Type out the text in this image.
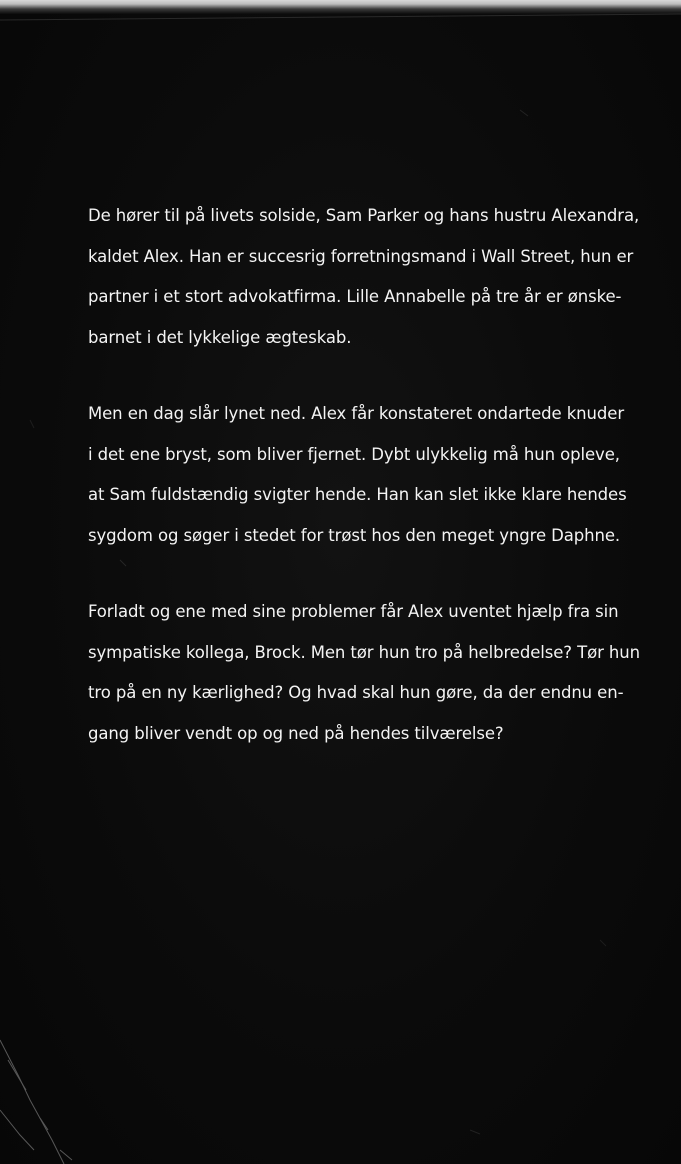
De hører til på livets solside, Sam Parker og hans hustru Alexandra,
kaldet Alex. Han er succesrig forretningsmand i Wall Street, hun er
partner i et stort advokatfirma. Lille Annabelle på tre år er ønske-
barnet i det lykkelige ægteskab.

Men en dag slår lynet ned. Alex får konstateret ondartede knuder
i det ene bryst, som bliver fjernet. Dybt ulykkelig må hun opleve,
at Sam fuldstændig svigter hende. Han kan slet ikke klare hendes
sygdom og søger i stedet for trøst hos den meget yngre Daphne.

Forladt og ene med sine problemer får Alex uventet hjælp fra sin
sympatiske kollega, Brock. Men tør hun tro på helbredelse? Tør hun
tro på en ny kærlighed? Og hvad skal hun gøre, da der endnu en-
gang bliver vendt op og ned på hendes tilværelse?
